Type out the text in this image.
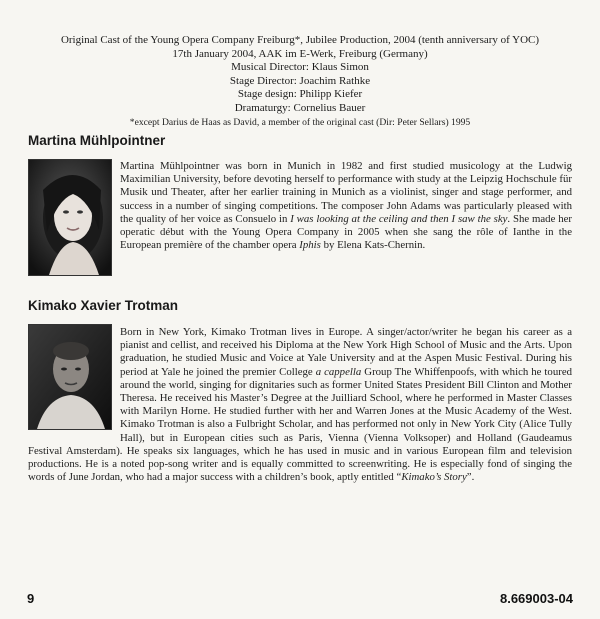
Original Cast of the Young Opera Company Freiburg*, Jubilee Production, 2004 (tenth anniversary of YOC)
17th January 2004, AAK im E-Werk, Freiburg (Germany)
Musical Director: Klaus Simon
Stage Director: Joachim Rathke
Stage design: Philipp Kiefer
Dramaturgy: Cornelius Bauer
*except Darius de Haas as David, a member of the original cast (Dir: Peter Sellars) 1995
Martina Mühlpointner
Martina Mühlpointner was born in Munich in 1982 and first studied musicology at the Ludwig Maximilian University, before devoting herself to performance with study at the Leipzig Hochschule für Musik und Theater, after her earlier training in Munich as a violinist, singer and stage performer, and success in a number of singing competitions. The composer John Adams was particularly pleased with the quality of her voice as Consuelo in I was looking at the ceiling and then I saw the sky. She made her operatic début with the Young Opera Company in 2005 when she sang the rôle of Ianthe in the European première of the chamber opera Iphis by Elena Kats-Chernin.
Kimako Xavier Trotman
Born in New York, Kimako Trotman lives in Europe. A singer/actor/writer he began his career as a pianist and cellist, and received his Diploma at the New York High School of Music and the Arts. Upon graduation, he studied Music and Voice at Yale University and at the Aspen Music Festival. During his period at Yale he joined the premier College a cappella Group The Whiffenpoofs, with which he toured around the world, singing for dignitaries such as former United States President Bill Clinton and Mother Theresa. He received his Master’s Degree at the Juilliard School, where he performed in Master Classes with Marilyn Horne. He studied further with her and Warren Jones at the Music Academy of the West. Kimako Trotman is also a Fulbright Scholar, and has performed not only in New York City (Alice Tully Hall), but in European cities such as Paris, Vienna (Vienna Volksoper) and Holland (Gaudeamus Festival Amsterdam). He speaks six languages, which he has used in music and in various European film and television productions. He is a noted pop-song writer and is equally committed to screenwriting. He is especially fond of singing the words of June Jordan, who had a major success with a children’s book, aptly entitled “Kimako’s Story”.
9	8.669003-04
